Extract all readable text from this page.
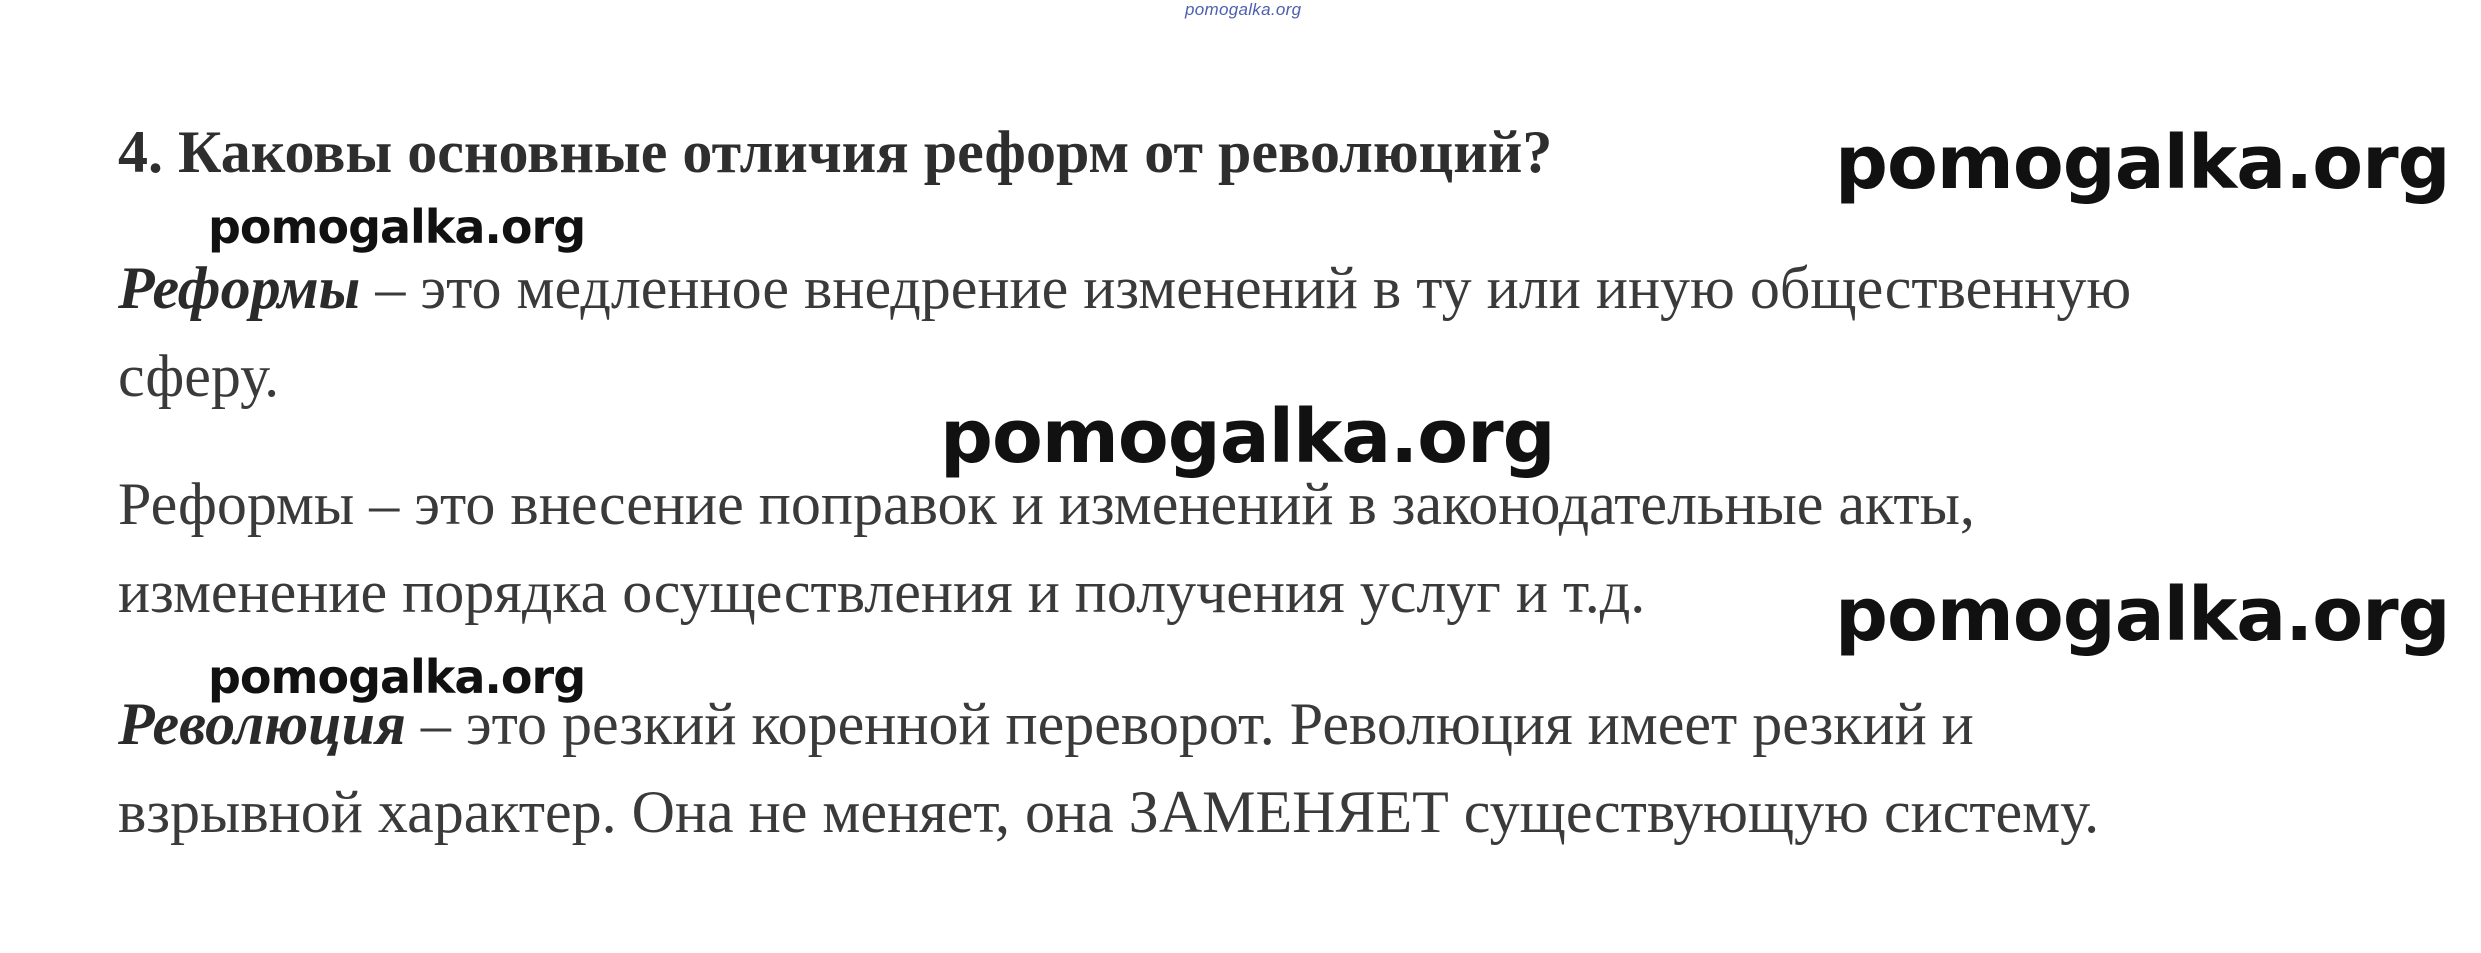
pomogalka.org
4. Каковы основные отличия реформ от революций?
Реформы – это медленное внедрение изменений в ту или иную общественную
сферу.
Реформы – это внесение поправок и изменений в законодательные акты,
изменение порядка осуществления и получения услуг и т.д.
Революция – это резкий коренной переворот. Революция имеет резкий и
взрывной характер. Она не меняет, она ЗАМЕНЯЕТ существующую систему.
pomogalka.org
pomogalka.org
pomogalka.org
pomogalka.org
pomogalka.org
